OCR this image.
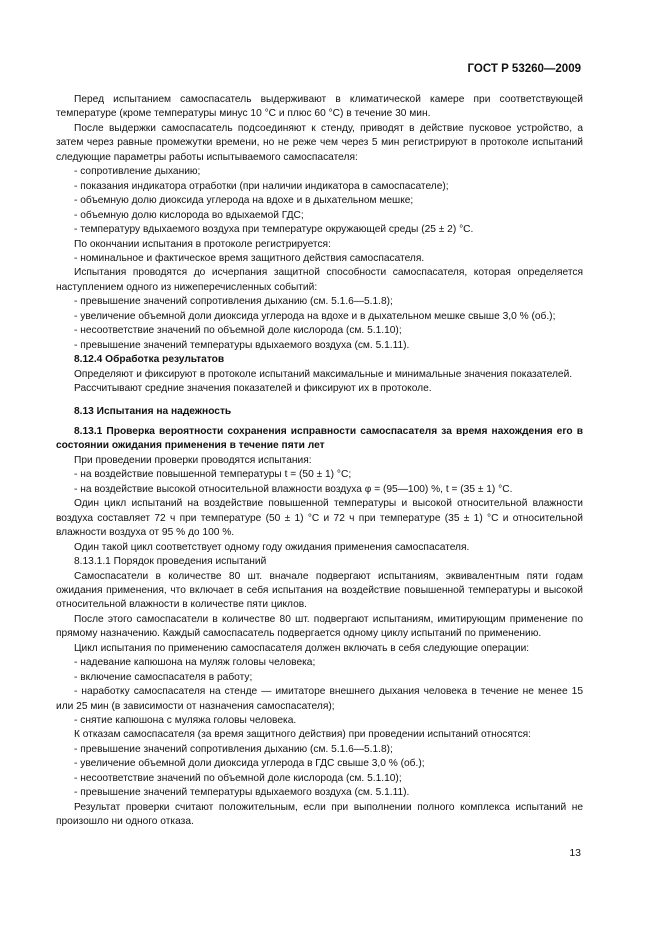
ГОСТ Р 53260—2009

Перед испытанием самоспасатель выдерживают в климатической камере при соответствующей температуре (кроме температуры минус 10 °С и плюс 60 °С) в течение 30 мин.

После выдержки самоспасатель подсоединяют к стенду, приводят в действие пусковое устройство, а затем через равные промежутки времени, но не реже чем через 5 мин регистрируют в протоколе испытаний следующие параметры работы испытываемого самоспасателя:

- сопротивление дыханию;

- показания индикатора отработки (при наличии индикатора в самоспасателе);

- объемную долю диоксида углерода на вдохе и в дыхательном мешке;

- объемную долю кислорода во вдыхаемой ГДС;

- температуру вдыхаемого воздуха при температуре окружающей среды (25 ± 2) °С.

По окончании испытания в протоколе регистрируется:

- номинальное и фактическое время защитного действия самоспасателя.

Испытания проводятся до исчерпания защитной способности самоспасателя, которая определяется наступлением одного из нижеперечисленных событий:

- превышение значений сопротивления дыханию (см. 5.1.6—5.1.8);

- увеличение объемной доли диоксида углерода на вдохе и в дыхательном мешке свыше 3,0 % (об.);

- несоответствие значений по объемной доле кислорода (см. 5.1.10);

- превышение значений температуры вдыхаемого воздуха (см. 5.1.11).

8.12.4 Обработка результатов

Определяют и фиксируют в протоколе испытаний максимальные и минимальные значения показателей.

Рассчитывают средние значения показателей и фиксируют их в протоколе.

8.13 Испытания на надежность

8.13.1 Проверка вероятности сохранения исправности самоспасателя за время нахождения его в состоянии ожидания применения в течение пяти лет

При проведении проверки проводятся испытания:

- на воздействие повышенной температуры t = (50 ± 1) °С;

- на воздействие высокой относительной влажности воздуха φ = (95—100) %, t = (35 ± 1) °С.

Один цикл испытаний на воздействие повышенной температуры и высокой относительной влажности воздуха составляет 72 ч при температуре (50 ± 1) °С и 72 ч при температуре (35 ± 1) °С и относительной влажности воздуха от 95 % до 100 %.

Один такой цикл соответствует одному году ожидания применения самоспасателя.

8.13.1.1 Порядок проведения испытаний

Самоспасатели в количестве 80 шт. вначале подвергают испытаниям, эквивалентным пяти годам ожидания применения, что включает в себя испытания на воздействие повышенной температуры и высокой относительной влажности в количестве пяти циклов.

После этого самоспасатели в количестве 80 шт. подвергают испытаниям, имитирующим применение по прямому назначению. Каждый самоспасатель подвергается одному циклу испытаний по применению.

Цикл испытания по применению самоспасателя должен включать в себя следующие операции:

- надевание капюшона на муляж головы человека;

- включение самоспасателя в работу;

- наработку самоспасателя на стенде — имитаторе внешнего дыхания человека в течение не менее 15 или 25 мин (в зависимости от назначения самоспасателя);

- снятие капюшона с муляжа головы человека.

К отказам самоспасателя (за время защитного действия) при проведении испытаний относятся:

- превышение значений сопротивления дыханию (см. 5.1.6—5.1.8);

- увеличение объемной доли диоксида углерода в ГДС свыше 3,0 % (об.);

- несоответствие значений по объемной доле кислорода (см. 5.1.10);

- превышение значений температуры вдыхаемого воздуха (см. 5.1.11).

Результат проверки считают положительным, если при выполнении полного комплекса испытаний не произошло ни одного отказа.

13
